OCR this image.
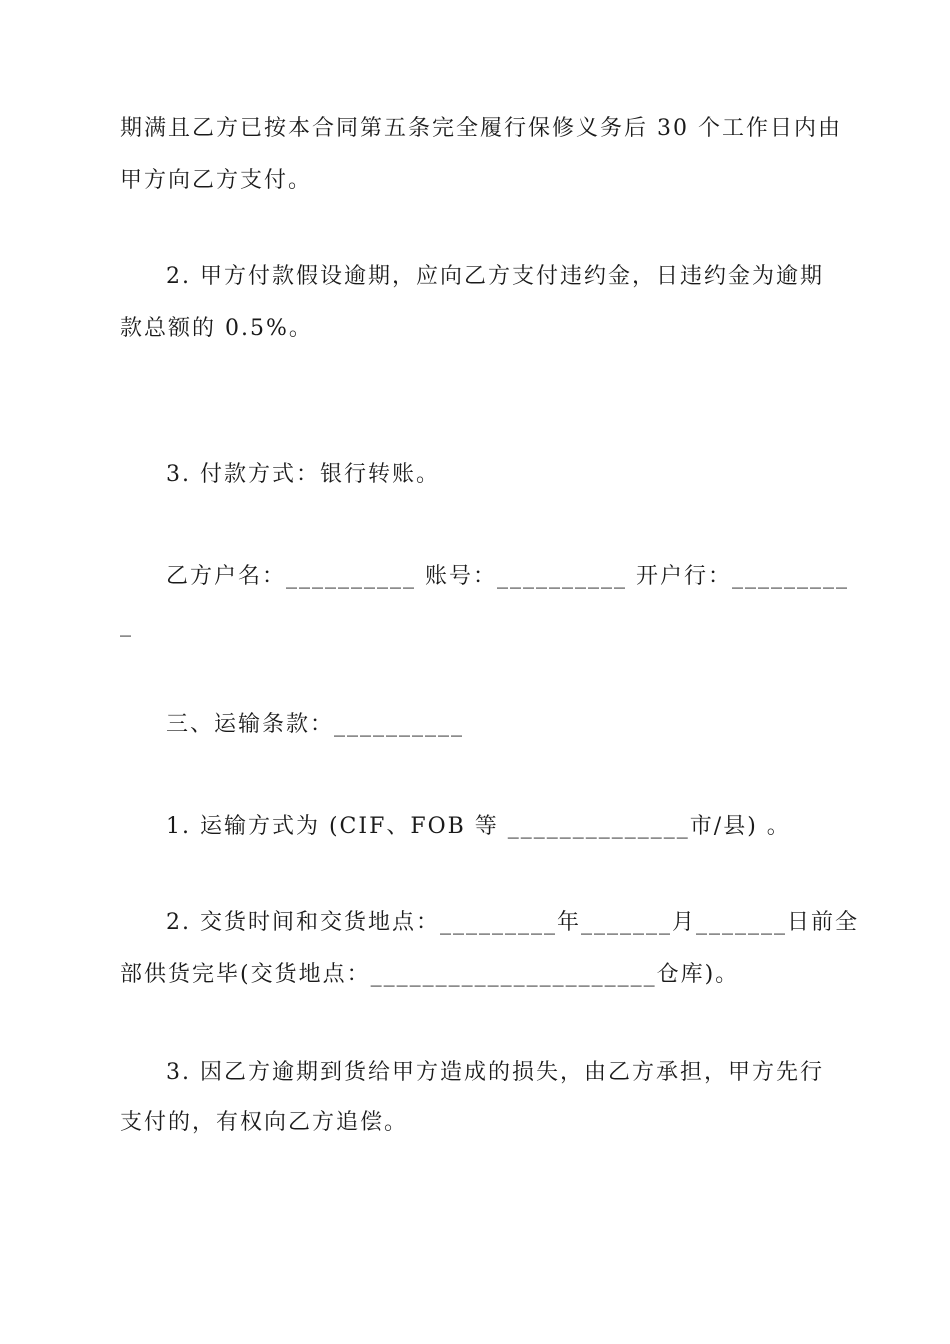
期满且乙方已按本合同第五条完全履行保修义务后 30 个工作日内由
甲方向乙方支付。
2. 甲方付款假设逾期，应向乙方支付违约金，日违约金为逾期
款总额的 0.5%。
3. 付款方式：银行转账。
乙方户名：__________ 账号：__________ 开户行：_________
_
三、运输条款：__________
1. 运输方式为 (CIF、FOB 等 ______________市/县) 。
2. 交货时间和交货地点：_________年_______月_______日前全
部供货完毕(交货地点：______________________仓库)。
3. 因乙方逾期到货给甲方造成的损失，由乙方承担，甲方先行
支付的，有权向乙方追偿。
